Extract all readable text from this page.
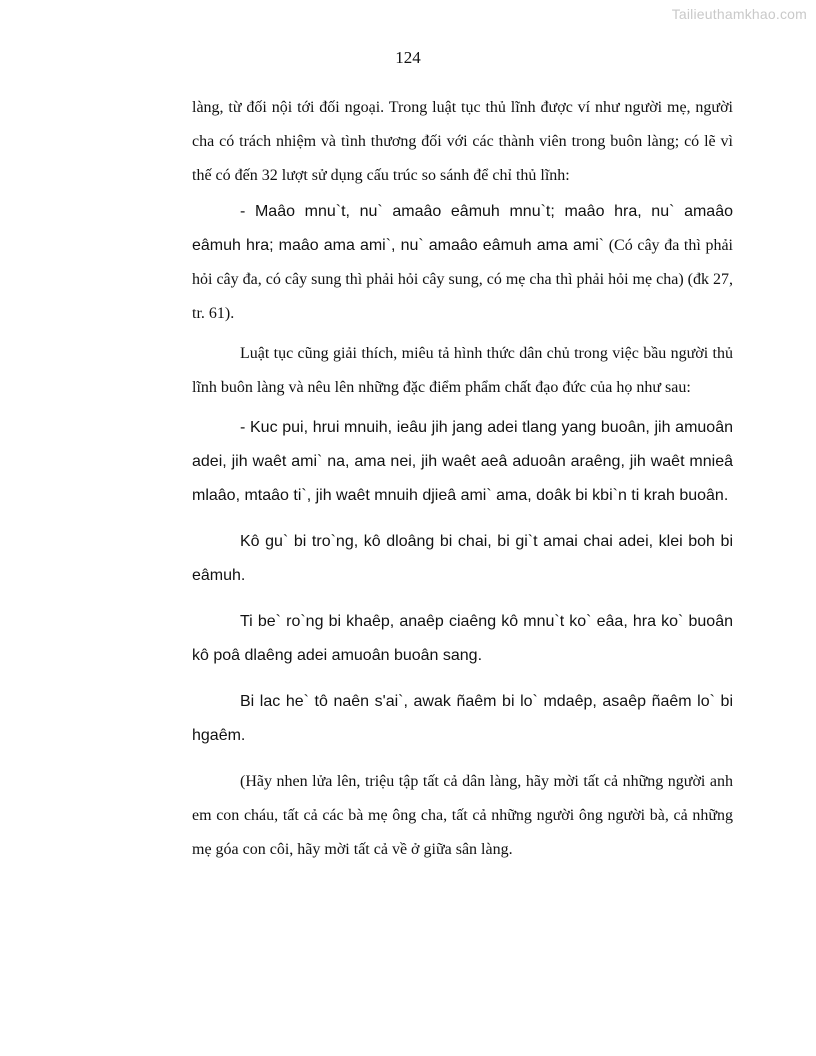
Tailieuthamkhao.com
124

làng, từ đối nội tới đối ngoại. Trong luật tục thủ lĩnh được ví như người mẹ, người cha có trách nhiệm và tình thương đối với các thành viên trong buôn làng; có lẽ vì thế có đến 32 lượt sử dụng cấu trúc so sánh để chỉ thủ lĩnh:

- Maâo mnu`t, nu` amaâo eâmuh mnu`t; maâo hra, nu` amaâo eâmuh hra; maâo ama ami`, nu` amaâo eâmuh ama ami` (Có cây đa thì phải hỏi cây đa, có cây sung thì phải hỏi cây sung, có mẹ cha thì phải hỏi mẹ cha) (đk 27, tr. 61).

Luật tục cũng giải thích, miêu tả hình thức dân chủ trong việc bầu người thủ lĩnh buôn làng và nêu lên những đặc điểm phẩm chất đạo đức của họ như sau:

- Kuc pui, hrui mnuih, ieâu jih jang adei tlang yang buoân, jih amuoân adei, jih waêt ami` na, ama nei, jih waêt aeâ aduoân araêng, jih waêt mnieâ mlaâo, mtaâo ti`, jih waêt mnuih djieâ ami` ama, doâk bi kbi`n ti krah buoân.

Kô gu` bi tro`ng, kô dloâng bi chai, bi gi`t amai chai adei, klei boh bi eâmuh.

Ti be` ro`ng bi khaêp, anaêp ciaêng kô mnu`t ko` eâa, hra ko` buoân kô poâ dlaêng adei amuoân buoân sang.

Bi lac he` tô naên s'ai`, awak ñaêm bi lo` mdaêp, asaêp ñaêm lo` bi hgaêm.

(Hãy nhen lửa lên, triệu tập tất cả dân làng, hãy mời tất cả những người anh em con cháu, tất cả các bà mẹ ông cha, tất cả những người ông người bà, cả những mẹ góa con côi, hãy mời tất cả về ở giữa sân làng.
